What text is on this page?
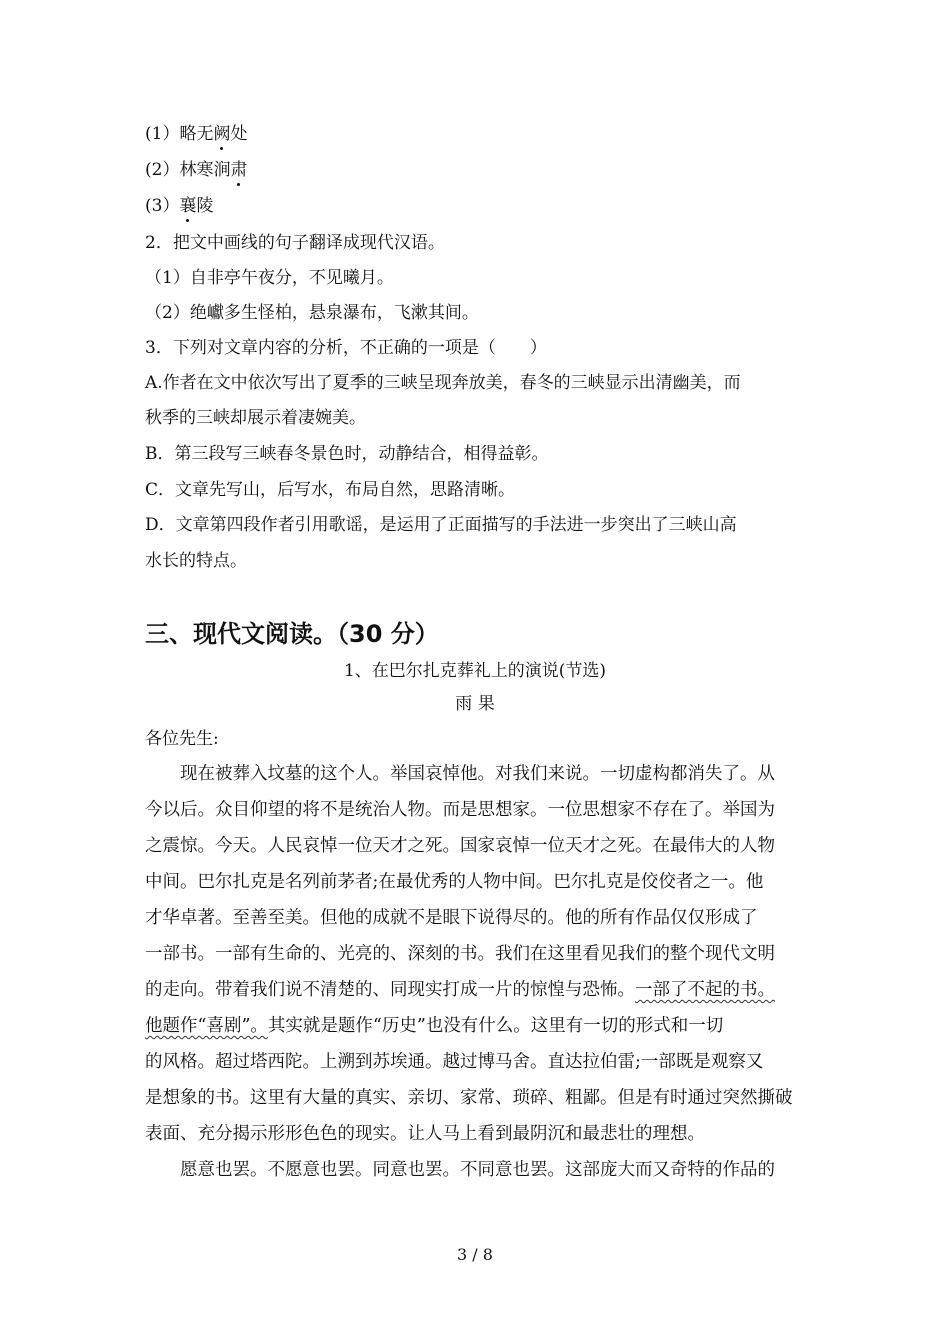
(1）略无阙处
(2）林寒涧肃
(3）襄陵
2．把文中画线的句子翻译成现代汉语。
（1）自非亭午夜分，不见曦月。
（2）绝巘多生怪柏，悬泉瀑布，飞漱其间。
3．下列对文章内容的分析，不正确的一项是（　　）
A.作者在文中依次写出了夏季的三峡呈现奔放美，春冬的三峡显示出清幽美，而
秋季的三峡却展示着凄婉美。
B．第三段写三峡春冬景色时，动静结合，相得益彰。
C．文章先写山，后写水，布局自然，思路清晰。
D．文章第四段作者引用歌谣，是运用了正面描写的手法进一步突出了三峡山高
水长的特点。
三、现代文阅读。（30 分）
1、在巴尔扎克葬礼上的演说(节选)
雨 果
各位先生:
现在被葬入坟墓的这个人。举国哀悼他。对我们来说。一切虚构都消失了。从
今以后。众目仰望的将不是统治人物。而是思想家。一位思想家不存在了。举国为
之震惊。今天。人民哀悼一位天才之死。国家哀悼一位天才之死。在最伟大的人物
中间。巴尔扎克是名列前茅者;在最优秀的人物中间。巴尔扎克是佼佼者之一。他
才华卓著。至善至美。但他的成就不是眼下说得尽的。他的所有作品仅仅形成了
一部书。一部有生命的、光亮的、深刻的书。我们在这里看见我们的整个现代文明
的走向。带着我们说不清楚的、同现实打成一片的惊惶与恐怖。一部了不起的书。
他题作“喜剧”。其实就是题作“历史”也没有什么。这里有一切的形式和一切
的风格。超过塔西陀。上溯到苏埃通。越过博马舍。直达拉伯雷;一部既是观察又
是想象的书。这里有大量的真实、亲切、家常、琐碎、粗鄙。但是有时通过突然撕破
表面、充分揭示形形色色的现实。让人马上看到最阴沉和最悲壮的理想。
愿意也罢。不愿意也罢。同意也罢。不同意也罢。这部庞大而又奇特的作品的
3 / 8
